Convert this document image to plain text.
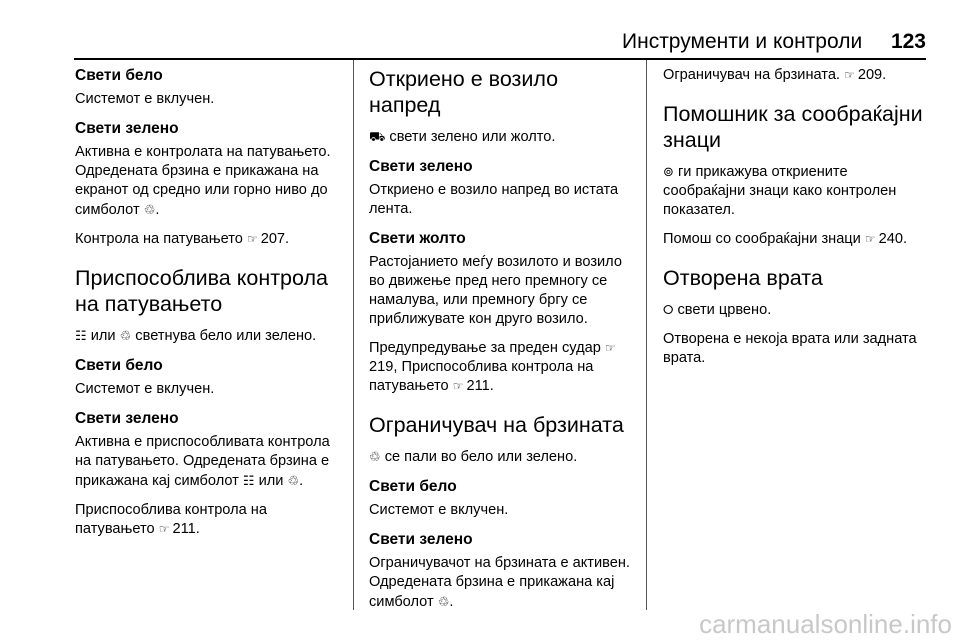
Инструменти и контроли 123
Свети бело

Системот е вклучен.

Свети зелено

Активна е контролата на патувањето. Одредената брзина е прикажана на екранот од средно или горно ниво до симболот ♲.

Контрола на патувањето ☞ 207.

Приспособлива контрола на патувањето

☷ или ♲ светнува бело или зелено.

Свети бело

Системот е вклучен.

Свети зелено

Активна е приспособливата контрола на патувањето. Одредената брзина е прикажана кај симболот ☷ или ♲.

Приспособлива контрола на патувањето ☞ 211.

Откриено е возило напред

⛟ свети зелено или жолто.

Свети зелено

Откриено е возило напред во истата лента.

Свети жолто

Растојанието меѓу возилото и возило во движење пред него премногу се намалува, или премногу бргу се приближувате кон друго возило.

Предупредување за преден судар ☞ 219, Приспособлива контрола на патувањето ☞ 211.

Ограничувач на брзината

♲ се пали во бело или зелено.

Свети бело

Системот е вклучен.

Свети зелено

Ограничувачот на брзината е активен. Одредената брзина е прикажана кај симболот ♲.

Ограничувач на брзината. ☞ 209.

Помошник за сообраќајни знаци

⊚ ги прикажува откриените сообраќајни знаци како контролен показател.

Помош со сообраќајни знаци ☞ 240.

Отворена врата

⭘ свети црвено.

Отворена е некоја врата или задната врата.

carmanualsonline.info
